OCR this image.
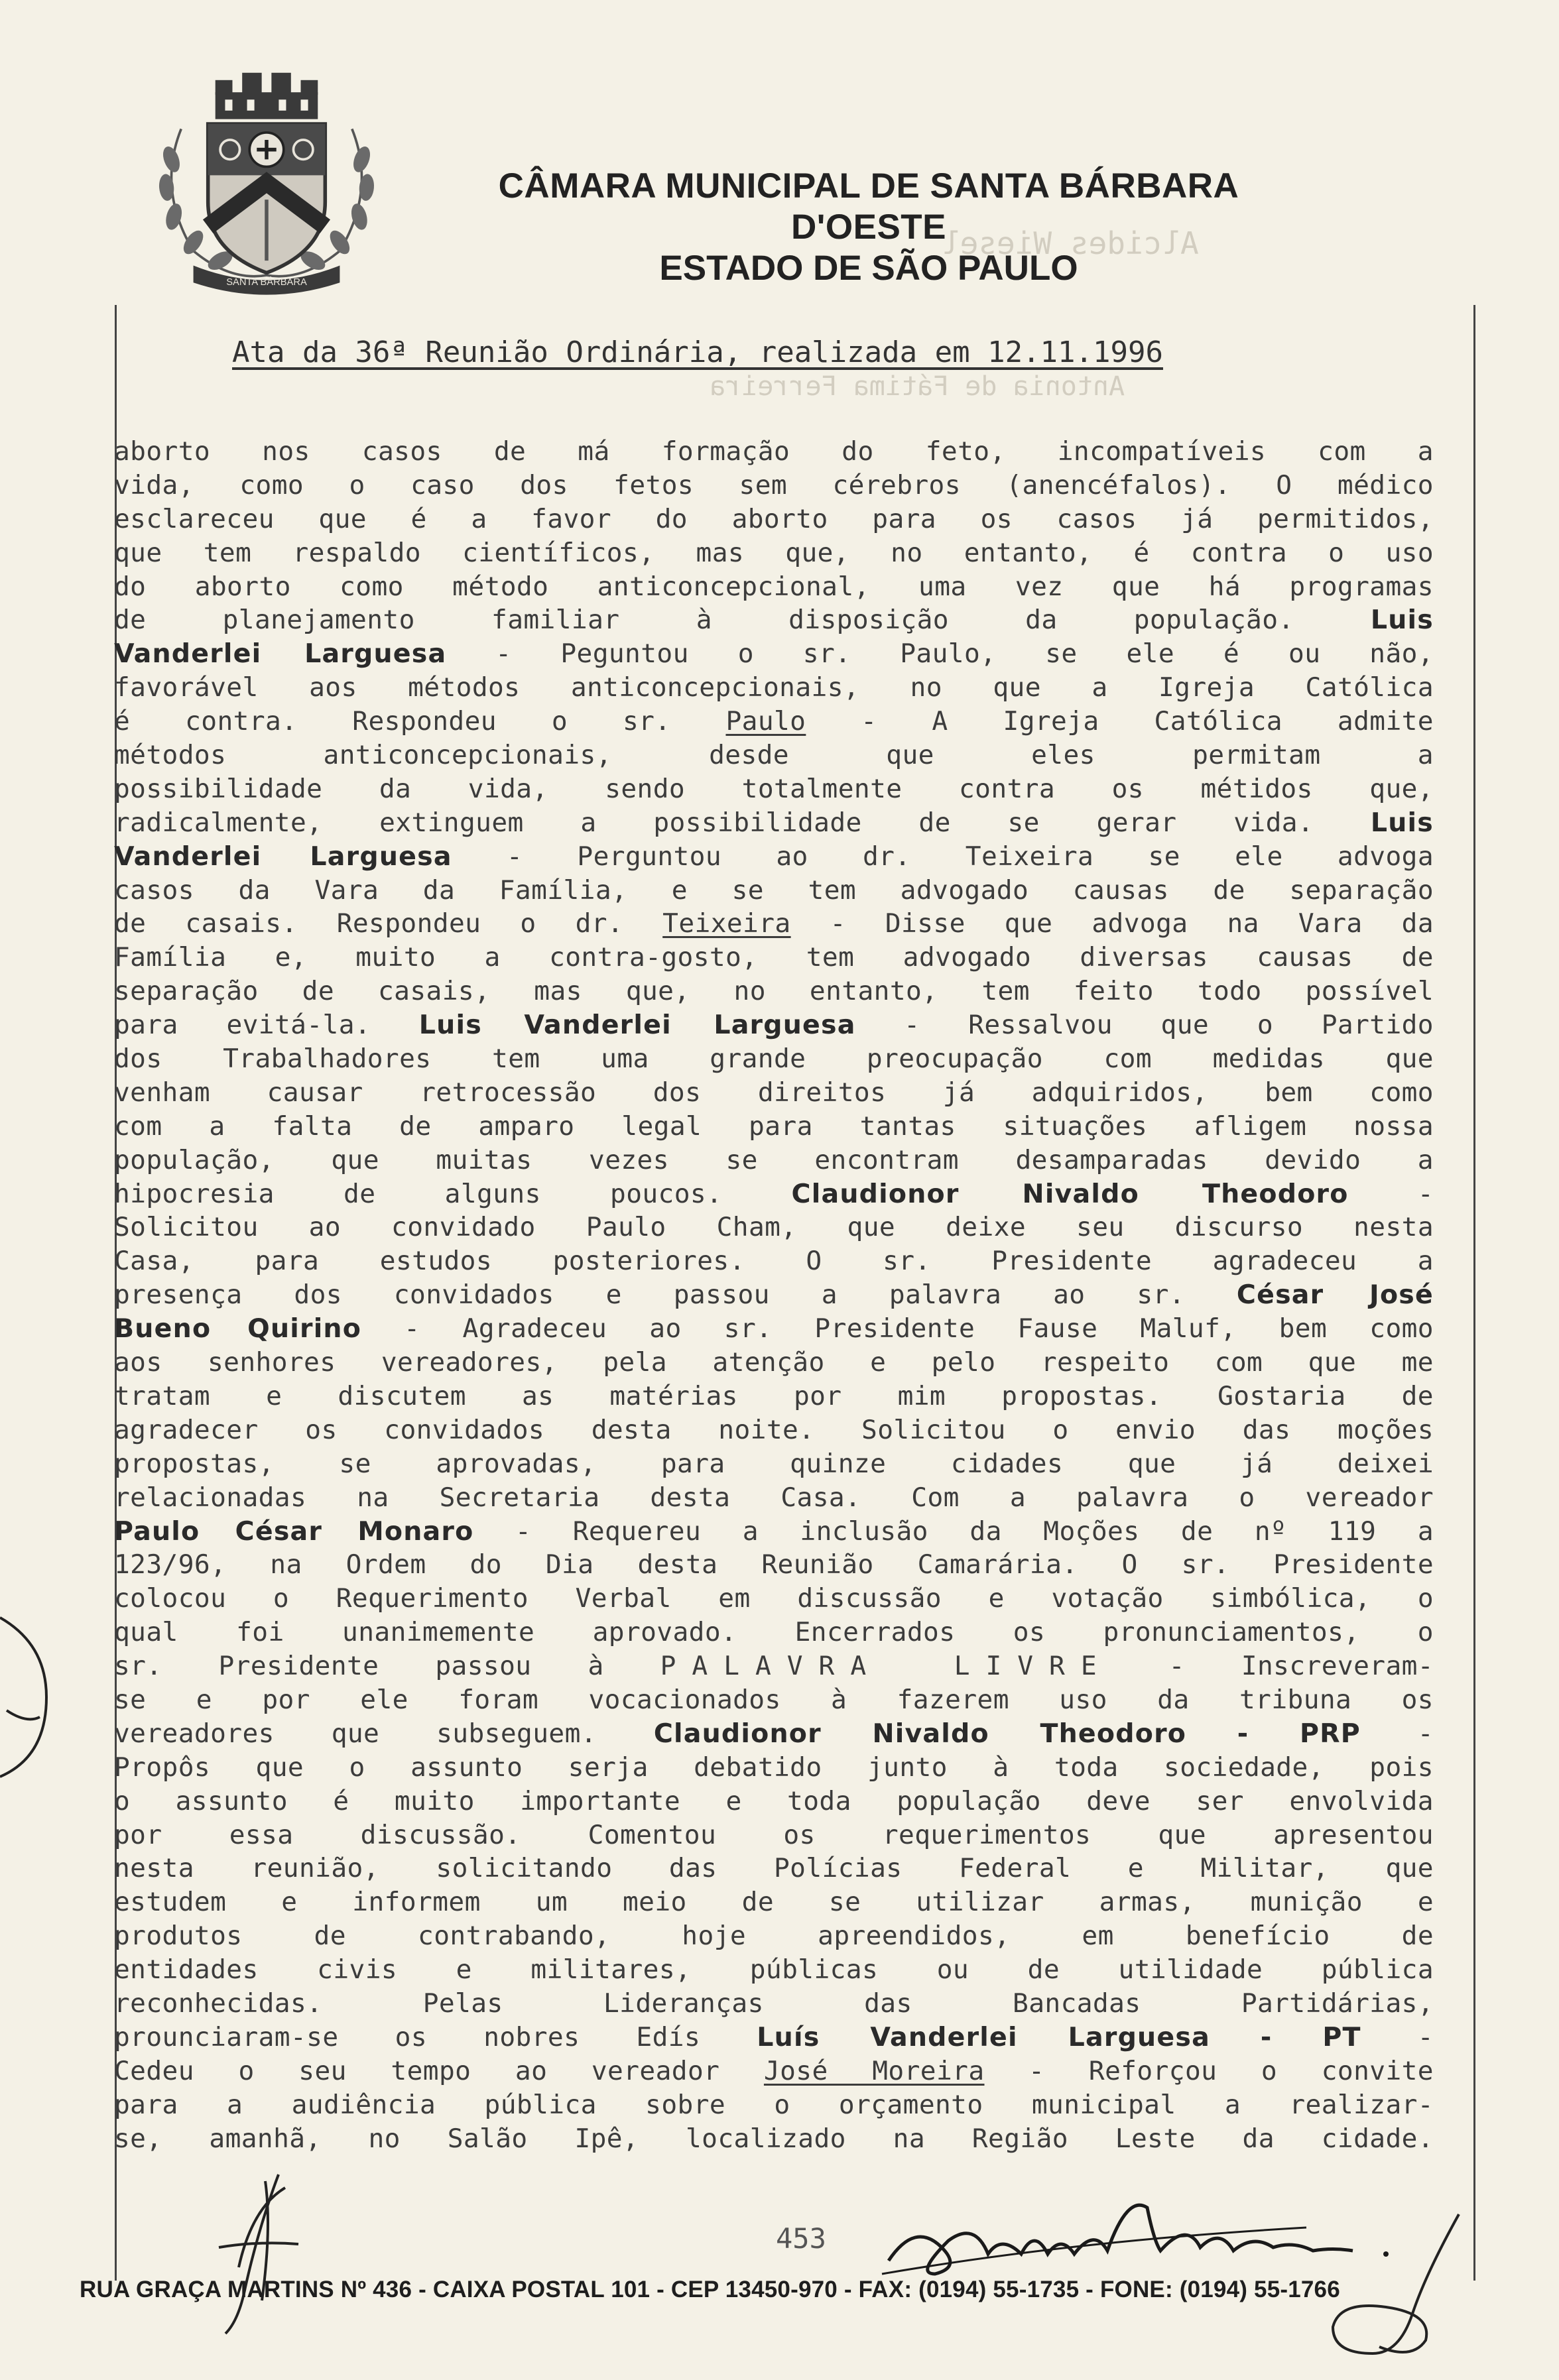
Alcides Wiesel
Antonia de Fátima Ferreira
SANTA BÁRBARA
CÂMARA MUNICIPAL DE SANTA BÁRBARA D'OESTE
ESTADO DE SÃO PAULO
Ata da 36ª Reunião Ordinária, realizada em 12.11.1996
aborto nos casos de má formação do feto, incompatíveis com a
vida, como o caso dos fetos sem cérebros (anencéfalos). O médico
esclareceu que é a favor do aborto para os casos já permitidos,
que tem respaldo científicos, mas que, no entanto, é contra o uso
do aborto como método anticoncepcional, uma vez que há programas
de planejamento familiar à disposição da população. Luis
Vanderlei Larguesa - Peguntou o sr. Paulo, se ele é ou não,
favorável aos métodos anticoncepcionais, no que a Igreja Católica
é contra. Respondeu o sr. Paulo - A Igreja Católica admite
métodos anticoncepcionais, desde que eles permitam a
possibilidade da vida, sendo totalmente contra os métidos que,
radicalmente, extinguem a possibilidade de se gerar vida. Luis
Vanderlei Larguesa - Perguntou ao dr. Teixeira se ele advoga
casos da Vara da Família, e se tem advogado causas de separação
de casais. Respondeu o dr. Teixeira - Disse que advoga na Vara da
Família e, muito a contra-gosto, tem advogado diversas causas de
separação de casais, mas que, no entanto, tem feito todo possível
para evitá-la. Luis Vanderlei Larguesa - Ressalvou que o Partido
dos Trabalhadores tem uma grande preocupação com medidas que
venham causar retrocessão dos direitos já adquiridos, bem como
com a falta de amparo legal para tantas situações afligem nossa
população, que muitas vezes se encontram desamparadas devido a
hipocresia de alguns poucos. Claudionor Nivaldo Theodoro -
Solicitou ao convidado Paulo Cham, que deixe seu discurso nesta
Casa, para estudos posteriores. O sr. Presidente agradeceu a
presença dos convidados e passou a palavra ao sr. César José
Bueno Quirino - Agradeceu ao sr. Presidente Fause Maluf, bem como
aos senhores vereadores, pela atenção e pelo respeito com que me
tratam e discutem as matérias por mim propostas. Gostaria de
agradecer os convidados desta noite. Solicitou o envio das moções
propostas, se aprovadas, para quinze cidades que já deixei
relacionadas na Secretaria desta Casa. Com a palavra o vereador
Paulo César Monaro - Requereu a inclusão da Moções de nº 119 a
123/96, na Ordem do Dia desta Reunião Camarária. O sr. Presidente
colocou o Requerimento Verbal em discussão e votação simbólica, o
qual foi unanimemente aprovado. Encerrados os pronunciamentos, o
sr. Presidente passou à PALAVRA LIVRE - Inscreveram-
se e por ele foram vocacionados à fazerem uso da tribuna os
vereadores que subseguem. Claudionor Nivaldo Theodoro - PRP -
Propôs que o assunto serja debatido junto à toda sociedade, pois
o assunto é muito importante e toda população deve ser envolvida
por essa discussão. Comentou os requerimentos que apresentou
nesta reunião, solicitando das Polícias Federal e Militar, que
estudem e informem um meio de se utilizar armas, munição e
produtos de contrabando, hoje apreendidos, em benefício de
entidades civis e militares, públicas ou de utilidade pública
reconhecidas. Pelas Lideranças das Bancadas Partidárias,
prounciaram-se os nobres Edís Luís Vanderlei Larguesa - PT -
Cedeu o seu tempo ao vereador José Moreira - Reforçou o convite
para a audiência pública sobre o orçamento municipal a realizar-
se, amanhã, no Salão Ipê, localizado na Região Leste da cidade.
453
RUA GRAÇA MARTINS Nº 436 - CAIXA POSTAL 101 - CEP 13450-970 - FAX: (0194) 55-1735 - FONE: (0194) 55-1766
